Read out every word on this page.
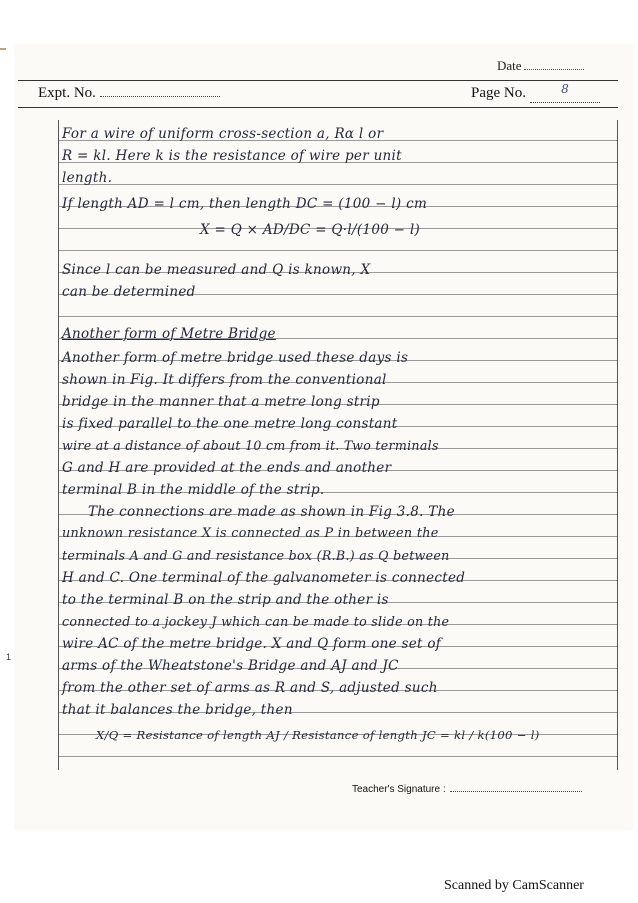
Date
Expt. No.	Page No.	$^8$
1
For a wire of uniform cross-section a, Rα l or
R = kl. Here k is the resistance of wire per unit
length.
If length AD = l cm, then length DC = (100 − l) cm
X = Q × AD/DC = Q·l/(100 − l)
Since l can be measured and Q is known, X
can be determined
Another form of Metre Bridge
Another form of metre bridge used these days is
shown in Fig. It differs from the conventional
bridge in the manner that a metre long strip
is fixed parallel to the one metre long constant
wire at a distance of about 10 cm from it. Two terminals
G and H are provided at the ends and another
terminal B in the middle of the strip.
The connections are made as shown in Fig 3.8. The
unknown resistance X is connected as P in between the
terminals A and G and resistance box (R.B.) as Q between
H and C. One terminal of the galvanometer is connected
to the terminal B on the strip and the other is
connected to a jockey J which can be made to slide on the
wire AC of the metre bridge. X and Q form one set of
arms of the Wheatstone's Bridge and AJ and JC
from the other set of arms as R and S, adjusted such
that it balances the bridge, then
X/Q = Resistance of length AJ / Resistance of length JC = kl / k(100 − l)
Teacher's Signature :
Scanned by CamScanner
